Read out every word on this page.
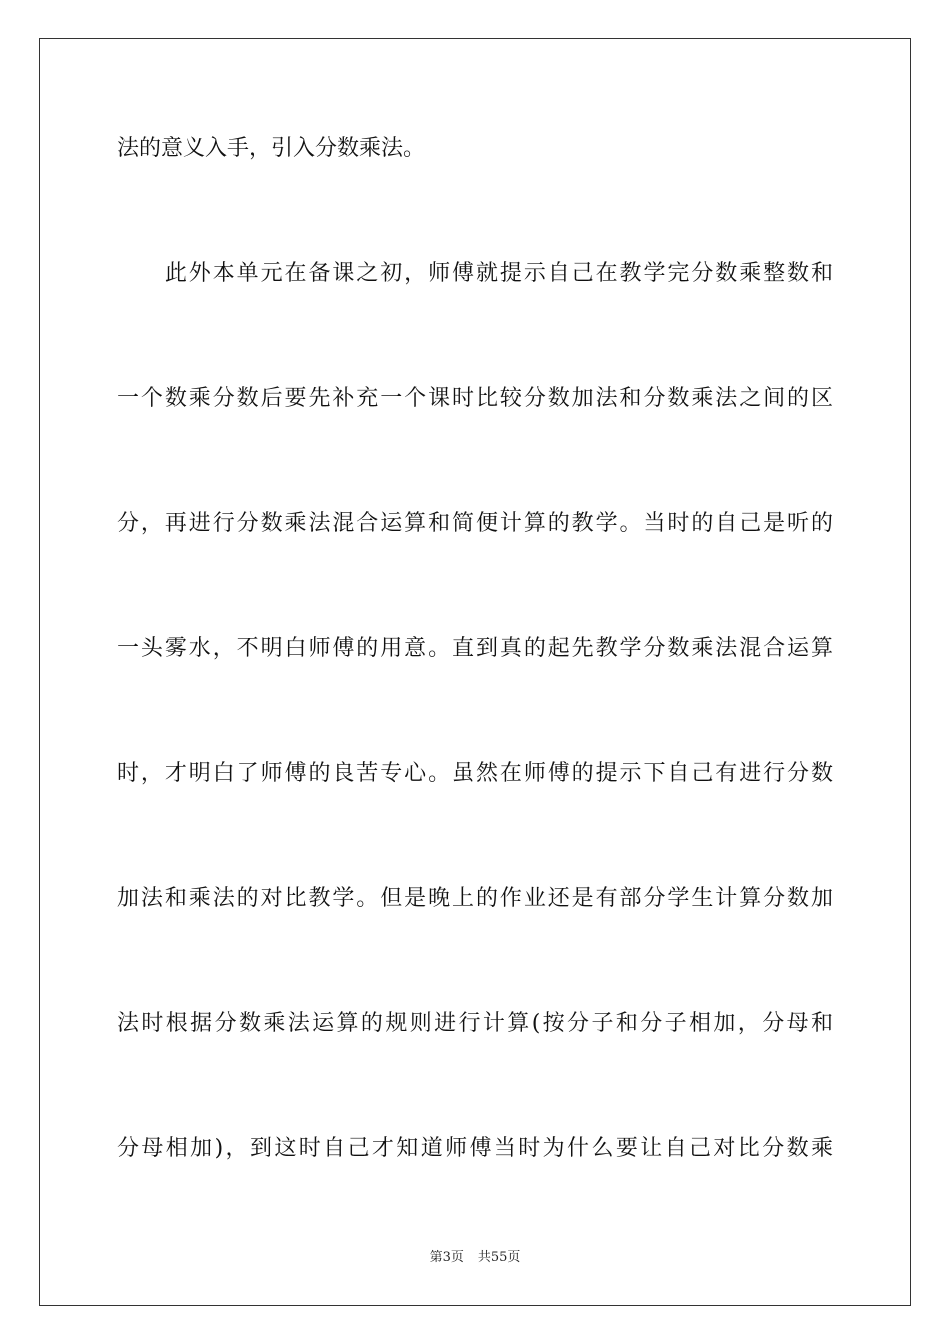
法的意义入手，引入分数乘法。
　　此外本单元在备课之初，师傅就提示自己在教学完分数乘整数和
一个数乘分数后要先补充一个课时比较分数加法和分数乘法之间的区
分，再进行分数乘法混合运算和简便计算的教学。当时的自己是听的
一头雾水，不明白师傅的用意。直到真的起先教学分数乘法混合运算
时，才明白了师傅的良苦专心。虽然在师傅的提示下自己有进行分数
加法和乘法的对比教学。但是晚上的作业还是有部分学生计算分数加
法时根据分数乘法运算的规则进行计算(按分子和分子相加，分母和
分母相加)，到这时自己才知道师傅当时为什么要让自己对比分数乘
第3页 共55页
